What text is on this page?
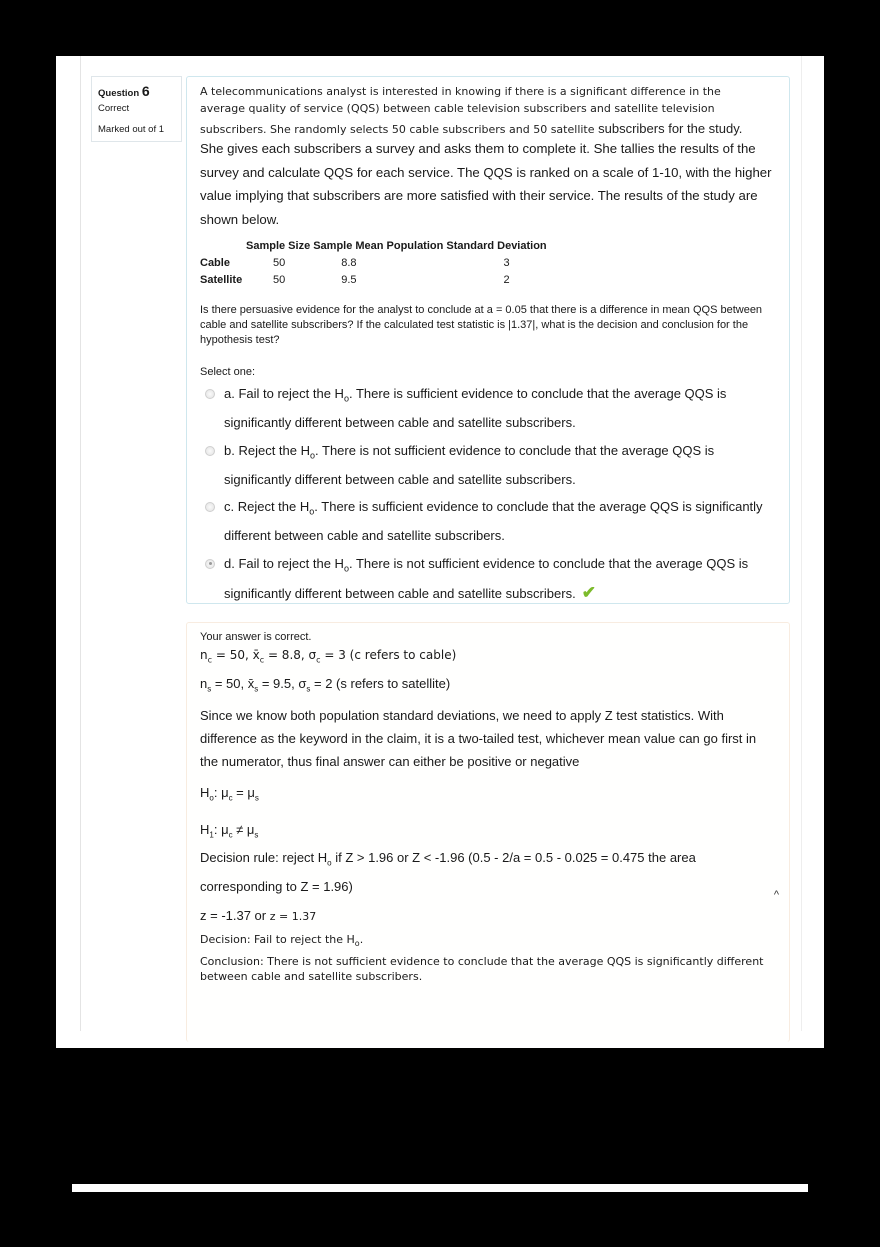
Question 6
Correct
Marked out of 1
A telecommunications analyst is interested in knowing if there is a significant difference in the
average quality of service (QQS) between cable television subscribers and satellite television
subscribers. She randomly selects 50 cable subscribers and 50 satellite subscribers for the study.
She gives each subscribers a survey and asks them to complete it. She tallies the results of the survey and calculate QQS for each service. The QQS is ranked on a scale of 1-10, with the higher value implying that subscribers are more satisfied with their service. The results of the study are shown below.
	Sample Size	Sample Mean	Population Standard Deviation
Cable	50	8.8	3
Satellite	50	9.5	2
Is there persuasive evidence for the analyst to conclude at a = 0.05 that there is a difference in mean QQS between cable and satellite subscribers? If the calculated test statistic is |1.37|, what is the decision and conclusion for the hypothesis test?
Select one:
a. Fail to reject the $H_o$. There is sufficient evidence to conclude that the average QQS is significantly different between cable and satellite subscribers.
b. Reject the $H_o$. There is not sufficient evidence to conclude that the average QQS is significantly different between cable and satellite subscribers.
c. Reject the $H_o$. There is sufficient evidence to conclude that the average QQS is significantly different between cable and satellite subscribers.
d. Fail to reject the $H_o$. There is not sufficient evidence to conclude that the average QQS is significantly different between cable and satellite subscribers. ✔
Your answer is correct.
$n_c = 50$, $x̄_c = 8.8$, $\sigma_c = 3$ (c refers to cable)
$n_s = 50$, $x̄_s = 9.5$, $\sigma_s = 2$ (s refers to satellite)
Since we know both population standard deviations, we need to apply Z test statistics. With difference as the keyword in the claim, it is a two-tailed test, whichever mean value can go first in the numerator, thus final answer can either be positive or negative
$H_o$: $\mu_c = \mu_s$
$H_1$: $\mu_c \ne \mu_s$
Decision rule: reject $H_o$ if Z > 1.96 or Z < -1.96 (0.5 - 2/a = 0.5 - 0.025 = 0.475 the area corresponding to Z = 1.96)
z = -1.37 or z = 1.37
Decision: Fail to reject the $H_o$.
Conclusion: There is not sufficient evidence to conclude that the average QQS is significantly different between cable and satellite subscribers.
^
